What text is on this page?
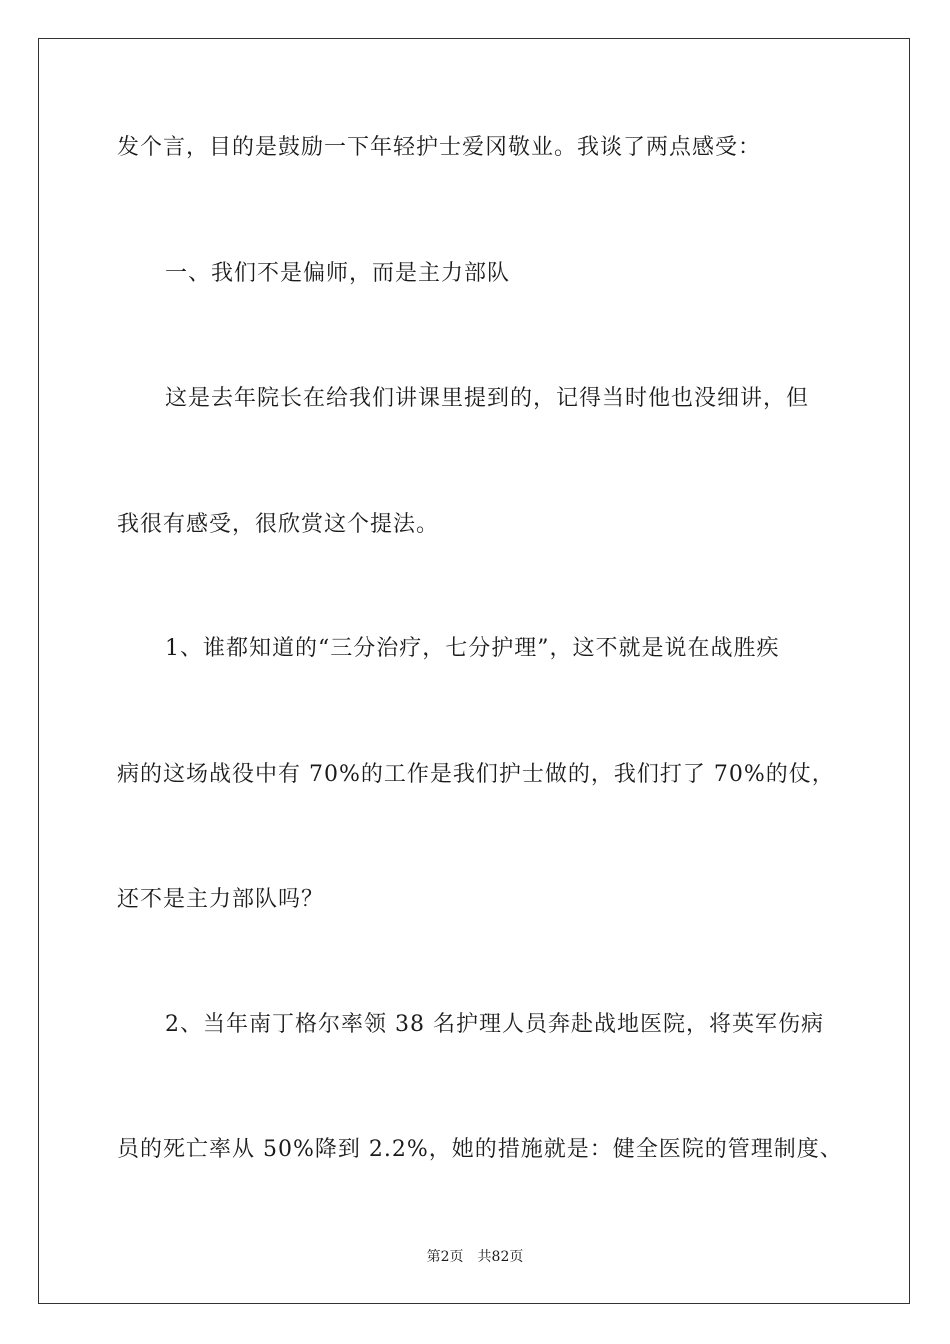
发个言，目的是鼓励一下年轻护士爱冈敬业。我谈了两点感受：
一、我们不是偏师，而是主力部队
这是去年院长在给我们讲课里提到的，记得当时他也没细讲，但
我很有感受，很欣赏这个提法。
1、谁都知道的“三分治疗，七分护理”，这不就是说在战胜疾
病的这场战役中有 70%的工作是我们护士做的，我们打了 70%的仗，
还不是主力部队吗？
2、当年南丁格尔率领 38 名护理人员奔赴战地医院，将英军伤病
员的死亡率从 50%降到 2.2%，她的措施就是：健全医院的管理制度、
第2页 共82页
